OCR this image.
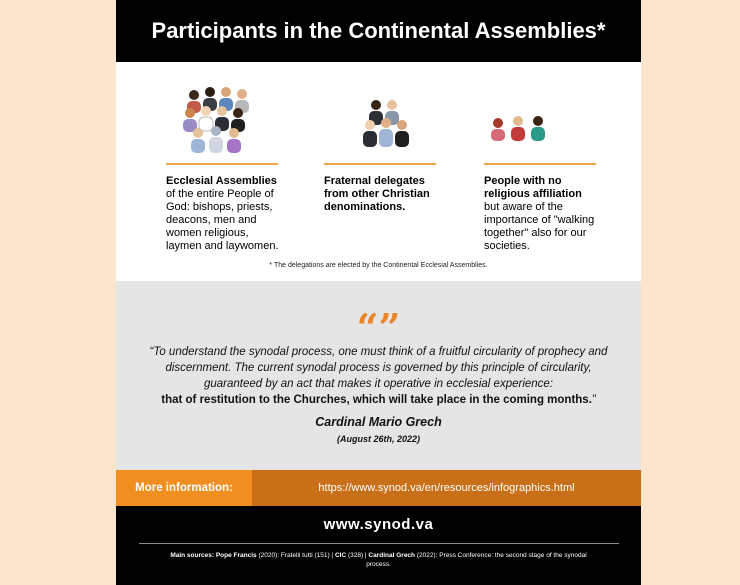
Participants in the Continental Assemblies*
Ecclesial Assemblies
of the entire People of God: bishops, priests, deacons, men and women religious, laymen and laywomen.
Fraternal delegates from other Christian denominations.
People with no religious affiliation but aware of the importance of "walking together" also for our societies.
* The delegations are elected by the Continental Ecclesial Assemblies.
“”
“To understand the synodal process, one must think of a fruitful circularity of prophecy and discernment. The current synodal process is governed by this principle of circularity, guaranteed by an act that makes it operative in ecclesial experience:
that of restitution to the Churches, which will take place in the coming months.”
Cardinal Mario Grech
(August 26th, 2022)
More information:	https://www.synod.va/en/resources/infographics.html
www.synod.va
Main sources: Pope Francis (2020): Fratelli tutti (151) | CIC (328) | Cardinal Grech (2022): Press Conference: the second stage of the synodal process.
